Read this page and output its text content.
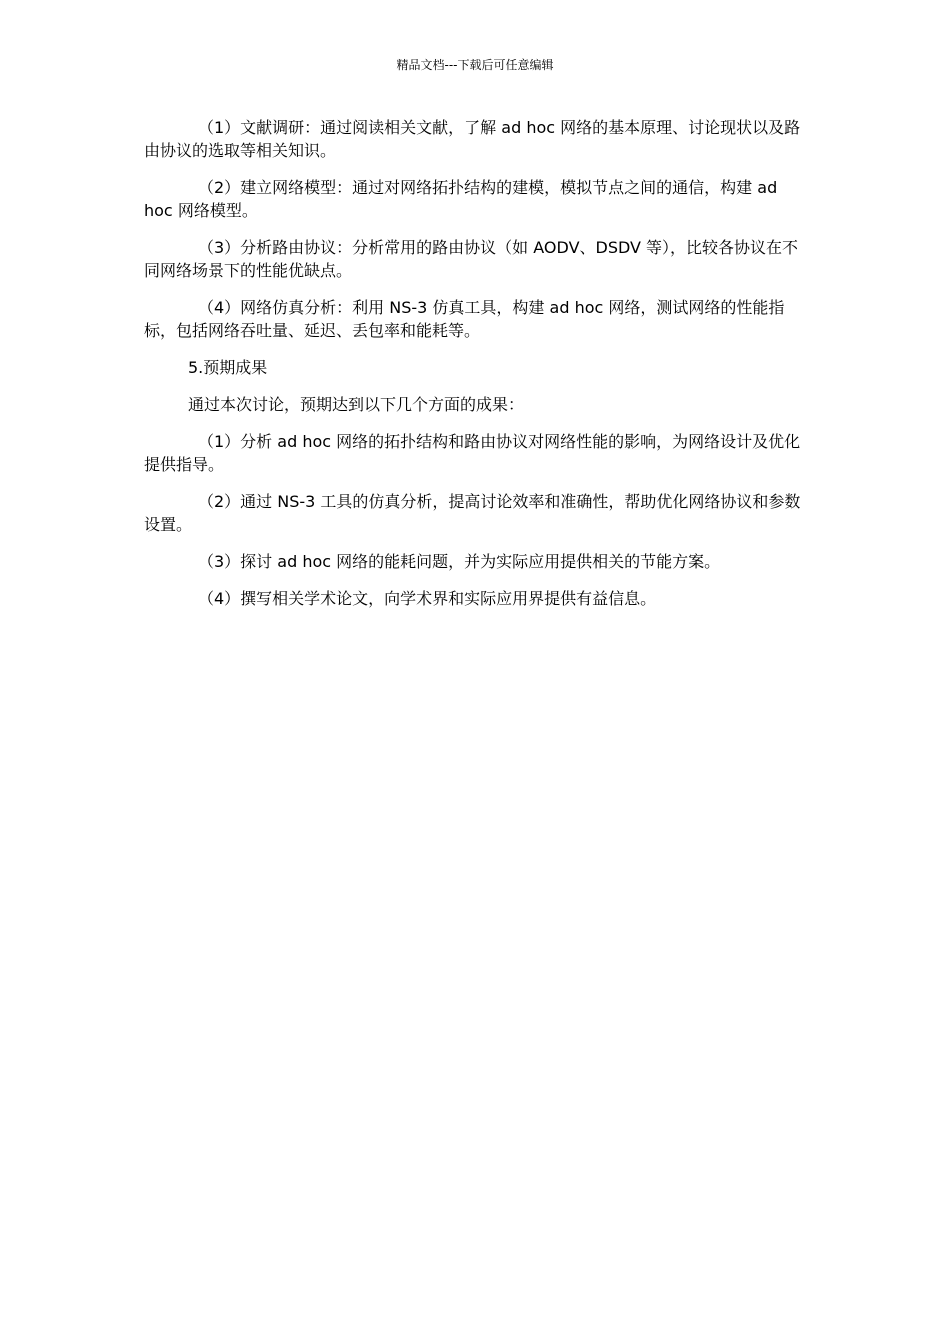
精品文档---下载后可任意编辑

（1）文献调研：通过阅读相关文献，了解 ad hoc 网络的基本原理、讨论现状以及路由协议的选取等相关知识。

（2）建立网络模型：通过对网络拓扑结构的建模，模拟节点之间的通信，构建 ad hoc 网络模型。

（3）分析路由协议：分析常用的路由协议（如 AODV、DSDV 等），比较各协议在不同网络场景下的性能优缺点。

（4）网络仿真分析：利用 NS-3 仿真工具，构建 ad hoc 网络，测试网络的性能指标，包括网络吞吐量、延迟、丢包率和能耗等。

5.预期成果

通过本次讨论，预期达到以下几个方面的成果：

（1）分析 ad hoc 网络的拓扑结构和路由协议对网络性能的影响，为网络设计及优化提供指导。

（2）通过 NS-3 工具的仿真分析，提高讨论效率和准确性，帮助优化网络协议和参数设置。

（3）探讨 ad hoc 网络的能耗问题，并为实际应用提供相关的节能方案。

（4）撰写相关学术论文，向学术界和实际应用界提供有益信息。
